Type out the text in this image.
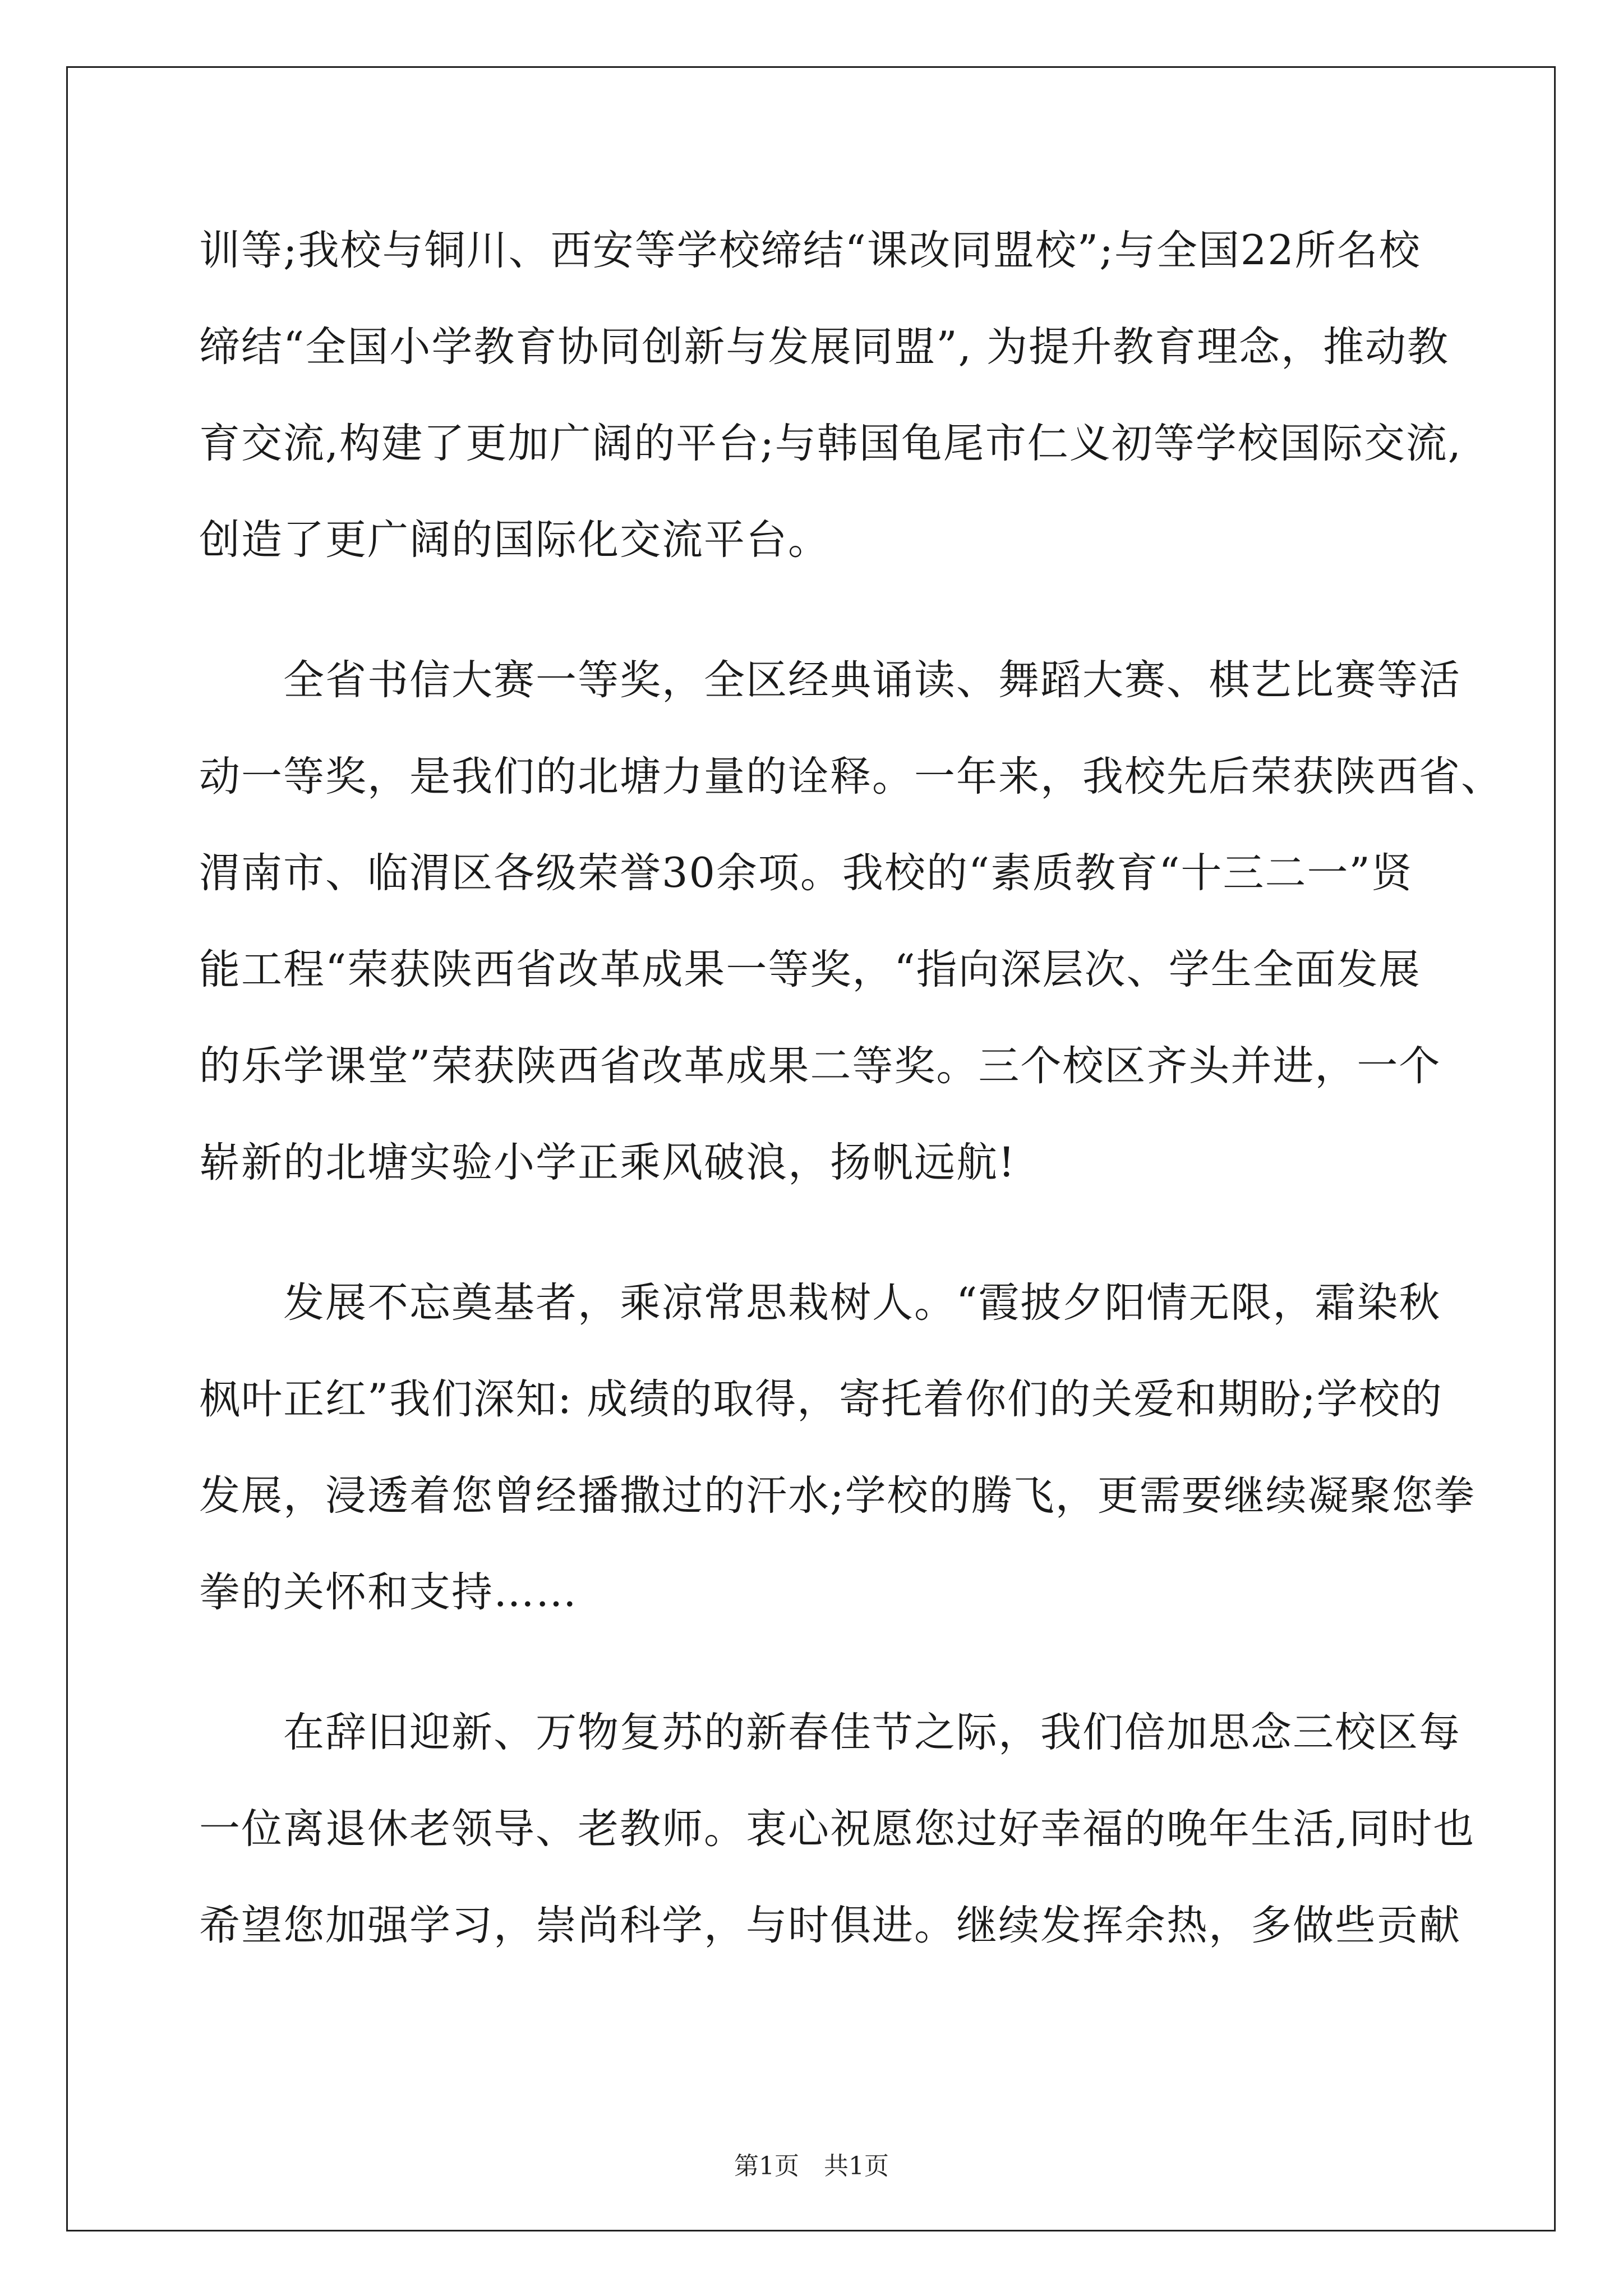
训等;我校与铜川、西安等学校缔结“课改同盟校”;与全国22所名校
缔结“全国小学教育协同创新与发展同盟”, 为提升教育理念，推动教
育交流,构建了更加广阔的平台;与韩国龟尾市仁义初等学校国际交流,
创造了更广阔的国际化交流平台。
　　全省书信大赛一等奖，全区经典诵读、舞蹈大赛、棋艺比赛等活
动一等奖，是我们的北塘力量的诠释。一年来，我校先后荣获陕西省、
渭南市、临渭区各级荣誉30余项。我校的“素质教育“十三二一”贤
能工程“荣获陕西省改革成果一等奖，“指向深层次、学生全面发展
的乐学课堂”荣获陕西省改革成果二等奖。三个校区齐头并进，一个
崭新的北塘实验小学正乘风破浪，扬帆远航!
　　发展不忘奠基者，乘凉常思栽树人。“霞披夕阳情无限，霜染秋
枫叶正红”我们深知: 成绩的取得，寄托着你们的关爱和期盼;学校的
发展，浸透着您曾经播撒过的汗水;学校的腾飞，更需要继续凝聚您拳
拳的关怀和支持……
　　在辞旧迎新、万物复苏的新春佳节之际，我们倍加思念三校区每
一位离退休老领导、老教师。衷心祝愿您过好幸福的晚年生活,同时也
希望您加强学习，崇尚科学，与时俱进。继续发挥余热，多做些贡献
第1页　共1页
